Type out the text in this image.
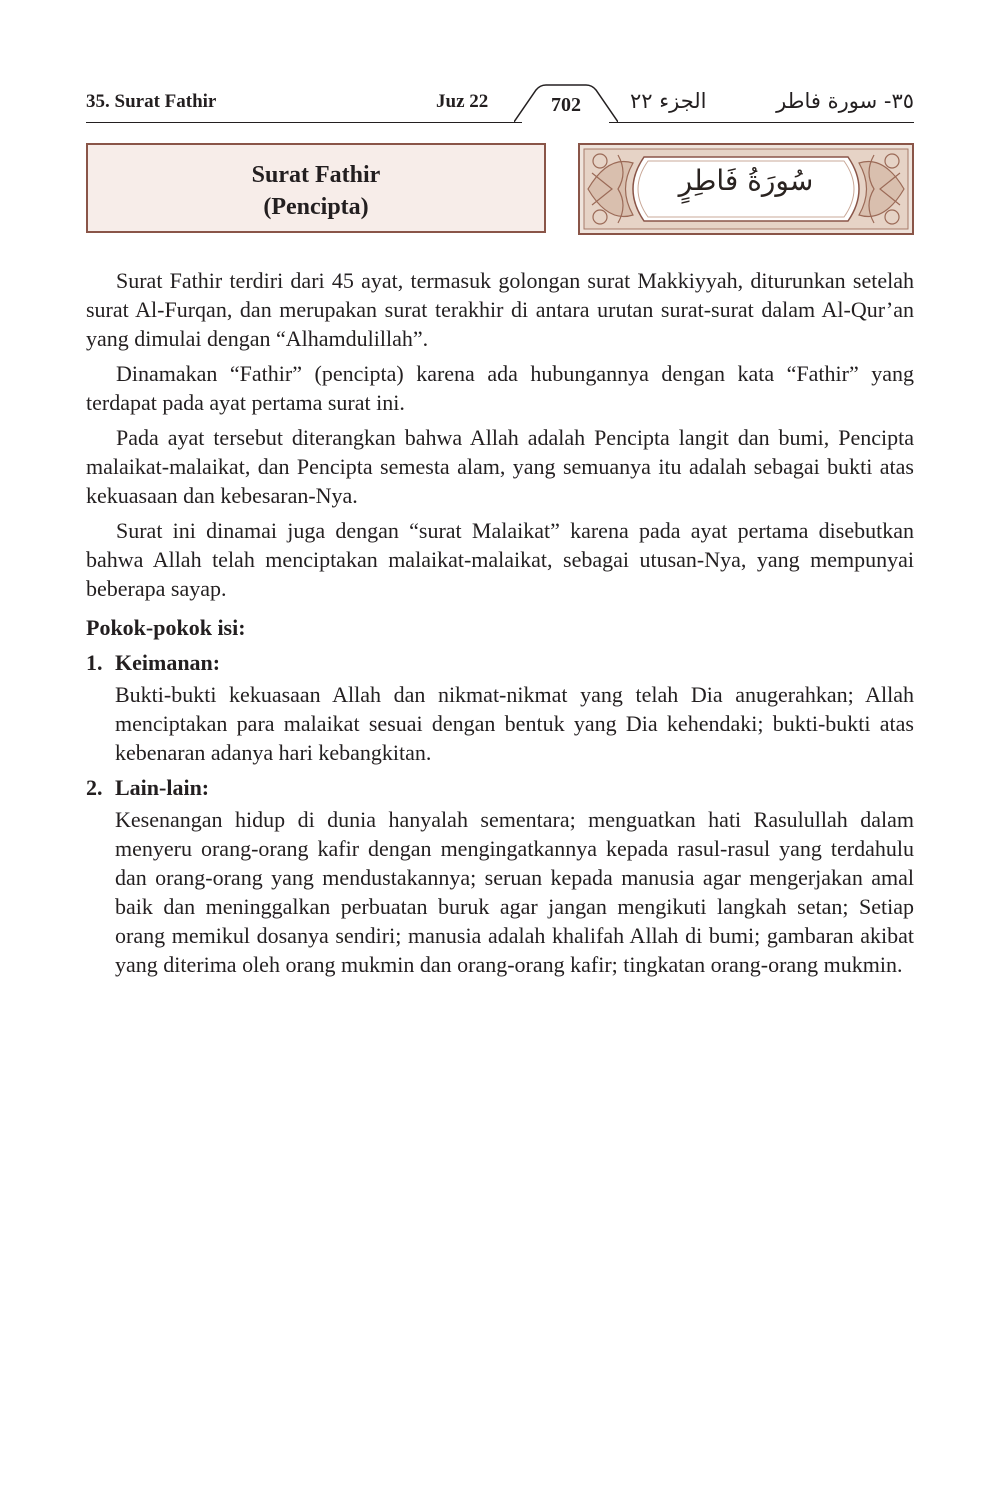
35. Surat Fathir	Juz 22	702	الجزء ٢٢	٣٥- سورة فاطر
Surat Fathir
(Pencipta)
سُورَةُ فَاطِرٍ

Surat Fathir terdiri dari 45 ayat, termasuk golongan surat Makkiyyah, diturunkan setelah surat Al-Furqan, dan merupakan surat terakhir di antara urutan surat-surat dalam Al-Qur’an yang dimulai dengan “Alhamdulillah”.

Dinamakan “Fathir” (pencipta) karena ada hubungannya dengan kata “Fathir” yang terdapat pada ayat pertama surat ini.

Pada ayat tersebut diterangkan bahwa Allah adalah Pencipta langit dan bumi, Pencipta malaikat-malaikat, dan Pencipta semesta alam, yang semuanya itu adalah sebagai bukti atas kekuasaan dan kebesaran-Nya.

Surat ini dinamai juga dengan “surat Malaikat” karena pada ayat pertama disebutkan bahwa Allah telah menciptakan malaikat-malaikat, sebagai utusan-Nya, yang mempunyai beberapa sayap.

Pokok-pokok isi:
1. Keimanan:
Bukti-bukti kekuasaan Allah dan nikmat-nikmat yang telah Dia anugerahkan; Allah menciptakan para malaikat sesuai dengan bentuk yang Dia kehendaki; bukti-bukti atas kebenaran adanya hari kebangkitan.
2. Lain-lain:
Kesenangan hidup di dunia hanyalah sementara; menguatkan hati Rasulullah dalam menyeru orang-orang kafir dengan mengingatkannya kepada rasul-rasul yang terdahulu dan orang-orang yang mendustakannya; seruan kepada manusia agar mengerjakan amal baik dan meninggalkan perbuatan buruk agar jangan mengikuti langkah setan; Setiap orang memikul dosanya sendiri; manusia adalah khalifah Allah di bumi; gambaran akibat yang diterima oleh orang mukmin dan orang-orang kafir; tingkatan orang-orang mukmin.
